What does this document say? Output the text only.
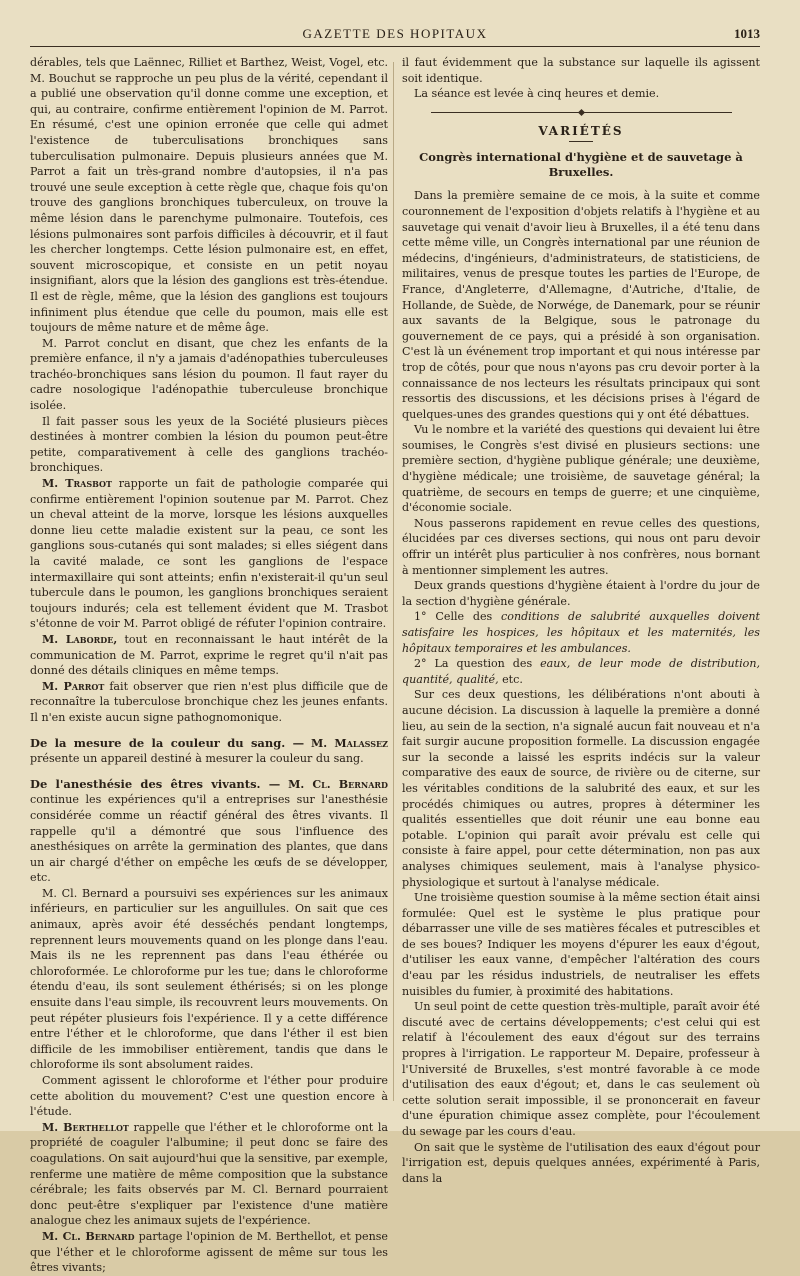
GAZETTE DES HOPITAUX	1013

dérables, tels que Laënnec, Rilliet et Barthez, Weist, Vogel, etc. M. Bouchut se rapproche un peu plus de la vérité, cependant il a publié une observation qu'il donne comme une exception, et qui, au contraire, confirme entièrement l'opinion de M. Parrot. En résumé, c'est une opinion erronée que celle qui admet l'existence de tuberculisations bronchiques sans tuberculisation pulmonaire. Depuis plusieurs années que M. Parrot a fait un très-grand nombre d'autopsies, il n'a pas trouvé une seule exception à cette règle que, chaque fois qu'on trouve des ganglions bronchiques tuberculeux, on trouve la même lésion dans le parenchyme pulmonaire. Toutefois, ces lésions pulmonaires sont parfois difficiles à découvrir, et il faut les chercher longtemps. Cette lésion pulmonaire est, en effet, souvent microscopique, et consiste en un petit noyau insignifiant, alors que la lésion des ganglions est très-étendue. Il est de règle, même, que la lésion des ganglions est toujours infiniment plus étendue que celle du poumon, mais elle est toujours de même nature et de même âge.

M. Parrot conclut en disant, que chez les enfants de la première enfance, il n'y a jamais d'adénopathies tuberculeuses trachéo-bronchiques sans lésion du poumon. Il faut rayer du cadre nosologique l'adénopathie tuberculeuse bronchique isolée.

Il fait passer sous les yeux de la Société plusieurs pièces destinées à montrer combien la lésion du poumon peut-être petite, comparativement à celle des ganglions trachéo-bronchiques.

M. Trasbot rapporte un fait de pathologie comparée qui confirme entièrement l'opinion soutenue par M. Parrot. Chez un cheval atteint de la morve, lorsque les lésions auxquelles donne lieu cette maladie existent sur la peau, ce sont les ganglions sous-cutanés qui sont malades; si elles siégent dans la cavité malade, ce sont les ganglions de l'espace intermaxillaire qui sont atteints; enfin n'existerait-il qu'un seul tubercule dans le poumon, les ganglions bronchiques seraient toujours indurés; cela est tellement évident que M. Trasbot s'étonne de voir M. Parrot obligé de réfuter l'opinion contraire.

M. Laborde, tout en reconnaissant le haut intérêt de la communication de M. Parrot, exprime le regret qu'il n'ait pas donné des détails cliniques en même temps.

M. Parrot fait observer que rien n'est plus difficile que de reconnaître la tuberculose bronchique chez les jeunes enfants. Il n'en existe aucun signe pathognomonique.

De la mesure de la couleur du sang. — M. Malassez présente un appareil destiné à mesurer la couleur du sang.

De l'anesthésie des êtres vivants. — M. Cl. Bernard continue les expériences qu'il a entreprises sur l'anesthésie considérée comme un réactif général des êtres vivants. Il rappelle qu'il a démontré que sous l'influence des anesthésiques on arrête la germination des plantes, que dans un air chargé d'éther on empêche les œufs de se développer, etc.

M. Cl. Bernard a poursuivi ses expériences sur les animaux inférieurs, en particulier sur les anguillules. On sait que ces animaux, après avoir été desséchés pendant longtemps, reprennent leurs mouvements quand on les plonge dans l'eau. Mais ils ne les reprennent pas dans l'eau éthérée ou chloroformée. Le chloroforme pur les tue; dans le chloroforme étendu d'eau, ils sont seulement éthérisés; si on les plonge ensuite dans l'eau simple, ils recouvrent leurs mouvements. On peut répéter plusieurs fois l'expérience. Il y a cette différence entre l'éther et le chloroforme, que dans l'éther il est bien difficile de les immobiliser entièrement, tandis que dans le chloroforme ils sont absolument raides.

Comment agissent le chloroforme et l'éther pour produire cette abolition du mouvement? C'est une question encore à l'étude.

M. Berthellot rappelle que l'éther et le chloroforme ont la propriété de coaguler l'albumine; il peut donc se faire des coagulations. On sait aujourd'hui que la sensitive, par exemple, renferme une matière de même composition que la substance cérébrale; les faits observés par M. Cl. Bernard pourraient donc peut-être s'expliquer par l'existence d'une matière analogue chez les animaux sujets de l'expérience.

M. Cl. Bernard partage l'opinion de M. Berthellot, et pense que l'éther et le chloroforme agissent de même sur tous les êtres vivants;

il faut évidemment que la substance sur laquelle ils agissent soit identique.

La séance est levée à cinq heures et demie.

VARIÉTÉS
Congrès international d'hygiène et de sauvetage à Bruxelles.

Dans la première semaine de ce mois, à la suite et comme couronnement de l'exposition d'objets relatifs à l'hygiène et au sauvetage qui venait d'avoir lieu à Bruxelles, il a été tenu dans cette même ville, un Congrès international par une réunion de médecins, d'ingénieurs, d'administrateurs, de statisticiens, de militaires, venus de presque toutes les parties de l'Europe, de France, d'Angleterre, d'Allemagne, d'Autriche, d'Italie, de Hollande, de Suède, de Norwége, de Danemark, pour se réunir aux savants de la Belgique, sous le patronage du gouvernement de ce pays, qui a présidé à son organisation. C'est là un événement trop important et qui nous intéresse par trop de côtés, pour que nous n'ayons pas cru devoir porter à la connaissance de nos lecteurs les résultats principaux qui sont ressortis des discussions, et les décisions prises à l'égard de quelques-unes des grandes questions qui y ont été débattues.

Vu le nombre et la variété des questions qui devaient lui être soumises, le Congrès s'est divisé en plusieurs sections: une première section, d'hygiène publique générale; une deuxième, d'hygiène médicale; une troisième, de sauvetage général; la quatrième, de secours en temps de guerre; et une cinquième, d'économie sociale.

Nous passerons rapidement en revue celles des questions, élucidées par ces diverses sections, qui nous ont paru devoir offrir un intérêt plus particulier à nos confrères, nous bornant à mentionner simplement les autres.

Deux grands questions d'hygiène étaient à l'ordre du jour de la section d'hygiène générale.

1° Celle des conditions de salubrité auxquelles doivent satisfaire les hospices, les hôpitaux et les maternités, les hôpitaux temporaires et les ambulances.

2° La question des eaux, de leur mode de distribution, quantité, qualité, etc.

Sur ces deux questions, les délibérations n'ont abouti à aucune décision. La discussion à laquelle la première a donné lieu, au sein de la section, n'a signalé aucun fait nouveau et n'a fait surgir aucune proposition formelle. La discussion engagée sur la seconde a laissé les esprits indécis sur la valeur comparative des eaux de source, de rivière ou de citerne, sur les véritables conditions de la salubrité des eaux, et sur les procédés chimiques ou autres, propres à déterminer les qualités essentielles que doit réunir une eau bonne eau potable. L'opinion qui paraît avoir prévalu est celle qui consiste à faire appel, pour cette détermination, non pas aux analyses chimiques seulement, mais à l'analyse physico-physiologique et surtout à l'analyse médicale.

Une troisième question soumise à la même section était ainsi formulée: Quel est le système le plus pratique pour débarrasser une ville de ses matières fécales et putrescibles et de ses boues? Indiquer les moyens d'épurer les eaux d'égout, d'utiliser les eaux vanne, d'empêcher l'altération des cours d'eau par les résidus industriels, de neutraliser les effets nuisibles du fumier, à proximité des habitations.

Un seul point de cette question très-multiple, paraît avoir été discuté avec de certains développements; c'est celui qui est relatif à l'écoulement des eaux d'égout sur des terrains propres à l'irrigation. Le rapporteur M. Depaire, professeur à l'Université de Bruxelles, s'est montré favorable à ce mode d'utilisation des eaux d'égout; et, dans le cas seulement où cette solution serait impossible, il se prononcerait en faveur d'une épuration chimique assez complète, pour l'écoulement du sewage par les cours d'eau.

On sait que le système de l'utilisation des eaux d'égout pour l'irrigation est, depuis quelques années, expérimenté à Paris, dans la
